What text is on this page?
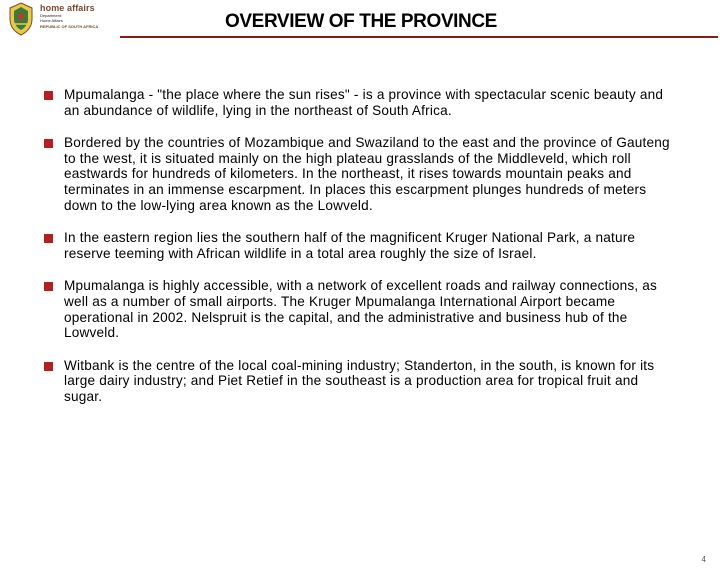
home affairs
Department:
Home Affairs
REPUBLIC OF SOUTH AFRICA	OVERVIEW OF THE PROVINCE
Mpumalanga - "the place where the sun rises" - is a province with spectacular scenic beauty and an abundance of wildlife, lying in the northeast of South Africa.
Bordered by the countries of Mozambique and Swaziland to the east and the province of Gauteng to the west, it is situated mainly on the high plateau grasslands of the Middleveld, which roll eastwards for hundreds of kilometers. In the northeast, it rises towards mountain peaks and terminates in an immense escarpment. In places this escarpment plunges hundreds of meters down to the low-lying area known as the Lowveld.
In the eastern region lies the southern half of the magnificent Kruger National Park, a nature reserve teeming with African wildlife in a total area roughly the size of Israel.
Mpumalanga is highly accessible, with a network of excellent roads and railway connections, as well as a number of small airports. The Kruger Mpumalanga International Airport became operational in 2002. Nelspruit is the capital, and the administrative and business hub of the Lowveld.
Witbank is the centre of the local coal-mining industry; Standerton, in the south, is known for its large dairy industry; and Piet Retief in the southeast is a production area for tropical fruit and sugar.
4
